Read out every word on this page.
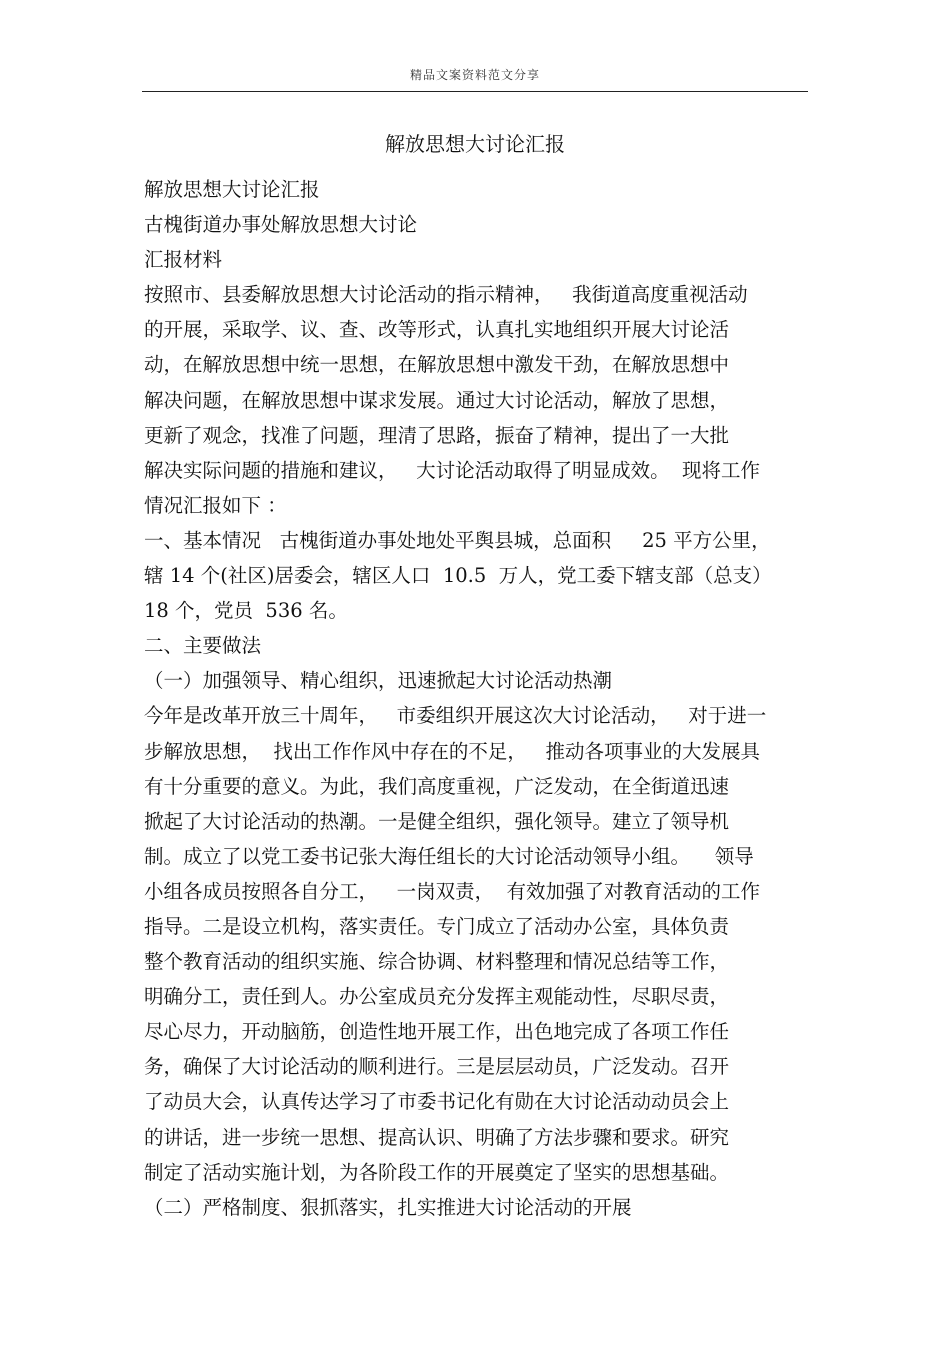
精品文案资料范文分享
解放思想大讨论汇报
解放思想大讨论汇报
古槐街道办事处解放思想大讨论
汇报材料
按照市、县委解放思想大讨论活动的指示精神，   我街道高度重视活动
的开展，采取学、议、查、改等形式，认真扎实地组织开展大讨论活
动，在解放思想中统一思想，在解放思想中激发干劲，在解放思想中
解决问题，在解放思想中谋求发展。通过大讨论活动，解放了思想，
更新了观念，找准了问题，理清了思路，振奋了精神，提出了一大批
解决实际问题的措施和建议，   大讨论活动取得了明显成效。  现将工作
情况汇报如下 ：
一、基本情况   古槐街道办事处地处平舆县城，总面积     25 平方公里，
辖 14 个(社区)居委会，辖区人口  10.5  万人，党工委下辖支部（总支）
18 个，党员  536 名。
二、主要做法
（一）加强领导、精心组织，迅速掀起大讨论活动热潮
今年是改革开放三十周年，   市委组织开展这次大讨论活动，   对于进一
步解放思想，  找出工作作风中存在的不足，   推动各项事业的大发展具
有十分重要的意义。为此，我们高度重视，广泛发动，在全街道迅速
掀起了大讨论活动的热潮。一是健全组织，强化领导。建立了领导机
制。成立了以党工委书记张大海任组长的大讨论活动领导小组。    领导
小组各成员按照各自分工，   一岗双责，  有效加强了对教育活动的工作
指导。二是设立机构，落实责任。专门成立了活动办公室，具体负责
整个教育活动的组织实施、综合协调、材料整理和情况总结等工作，
明确分工，责任到人。办公室成员充分发挥主观能动性，尽职尽责，
尽心尽力，开动脑筋，创造性地开展工作，出色地完成了各项工作任
务，确保了大讨论活动的顺利进行。三是层层动员，广泛发动。召开
了动员大会，认真传达学习了市委书记化有勋在大讨论活动动员会上
的讲话，进一步统一思想、提高认识、明确了方法步骤和要求。研究
制定了活动实施计划，为各阶段工作的开展奠定了坚实的思想基础。
（二）严格制度、狠抓落实，扎实推进大讨论活动的开展
